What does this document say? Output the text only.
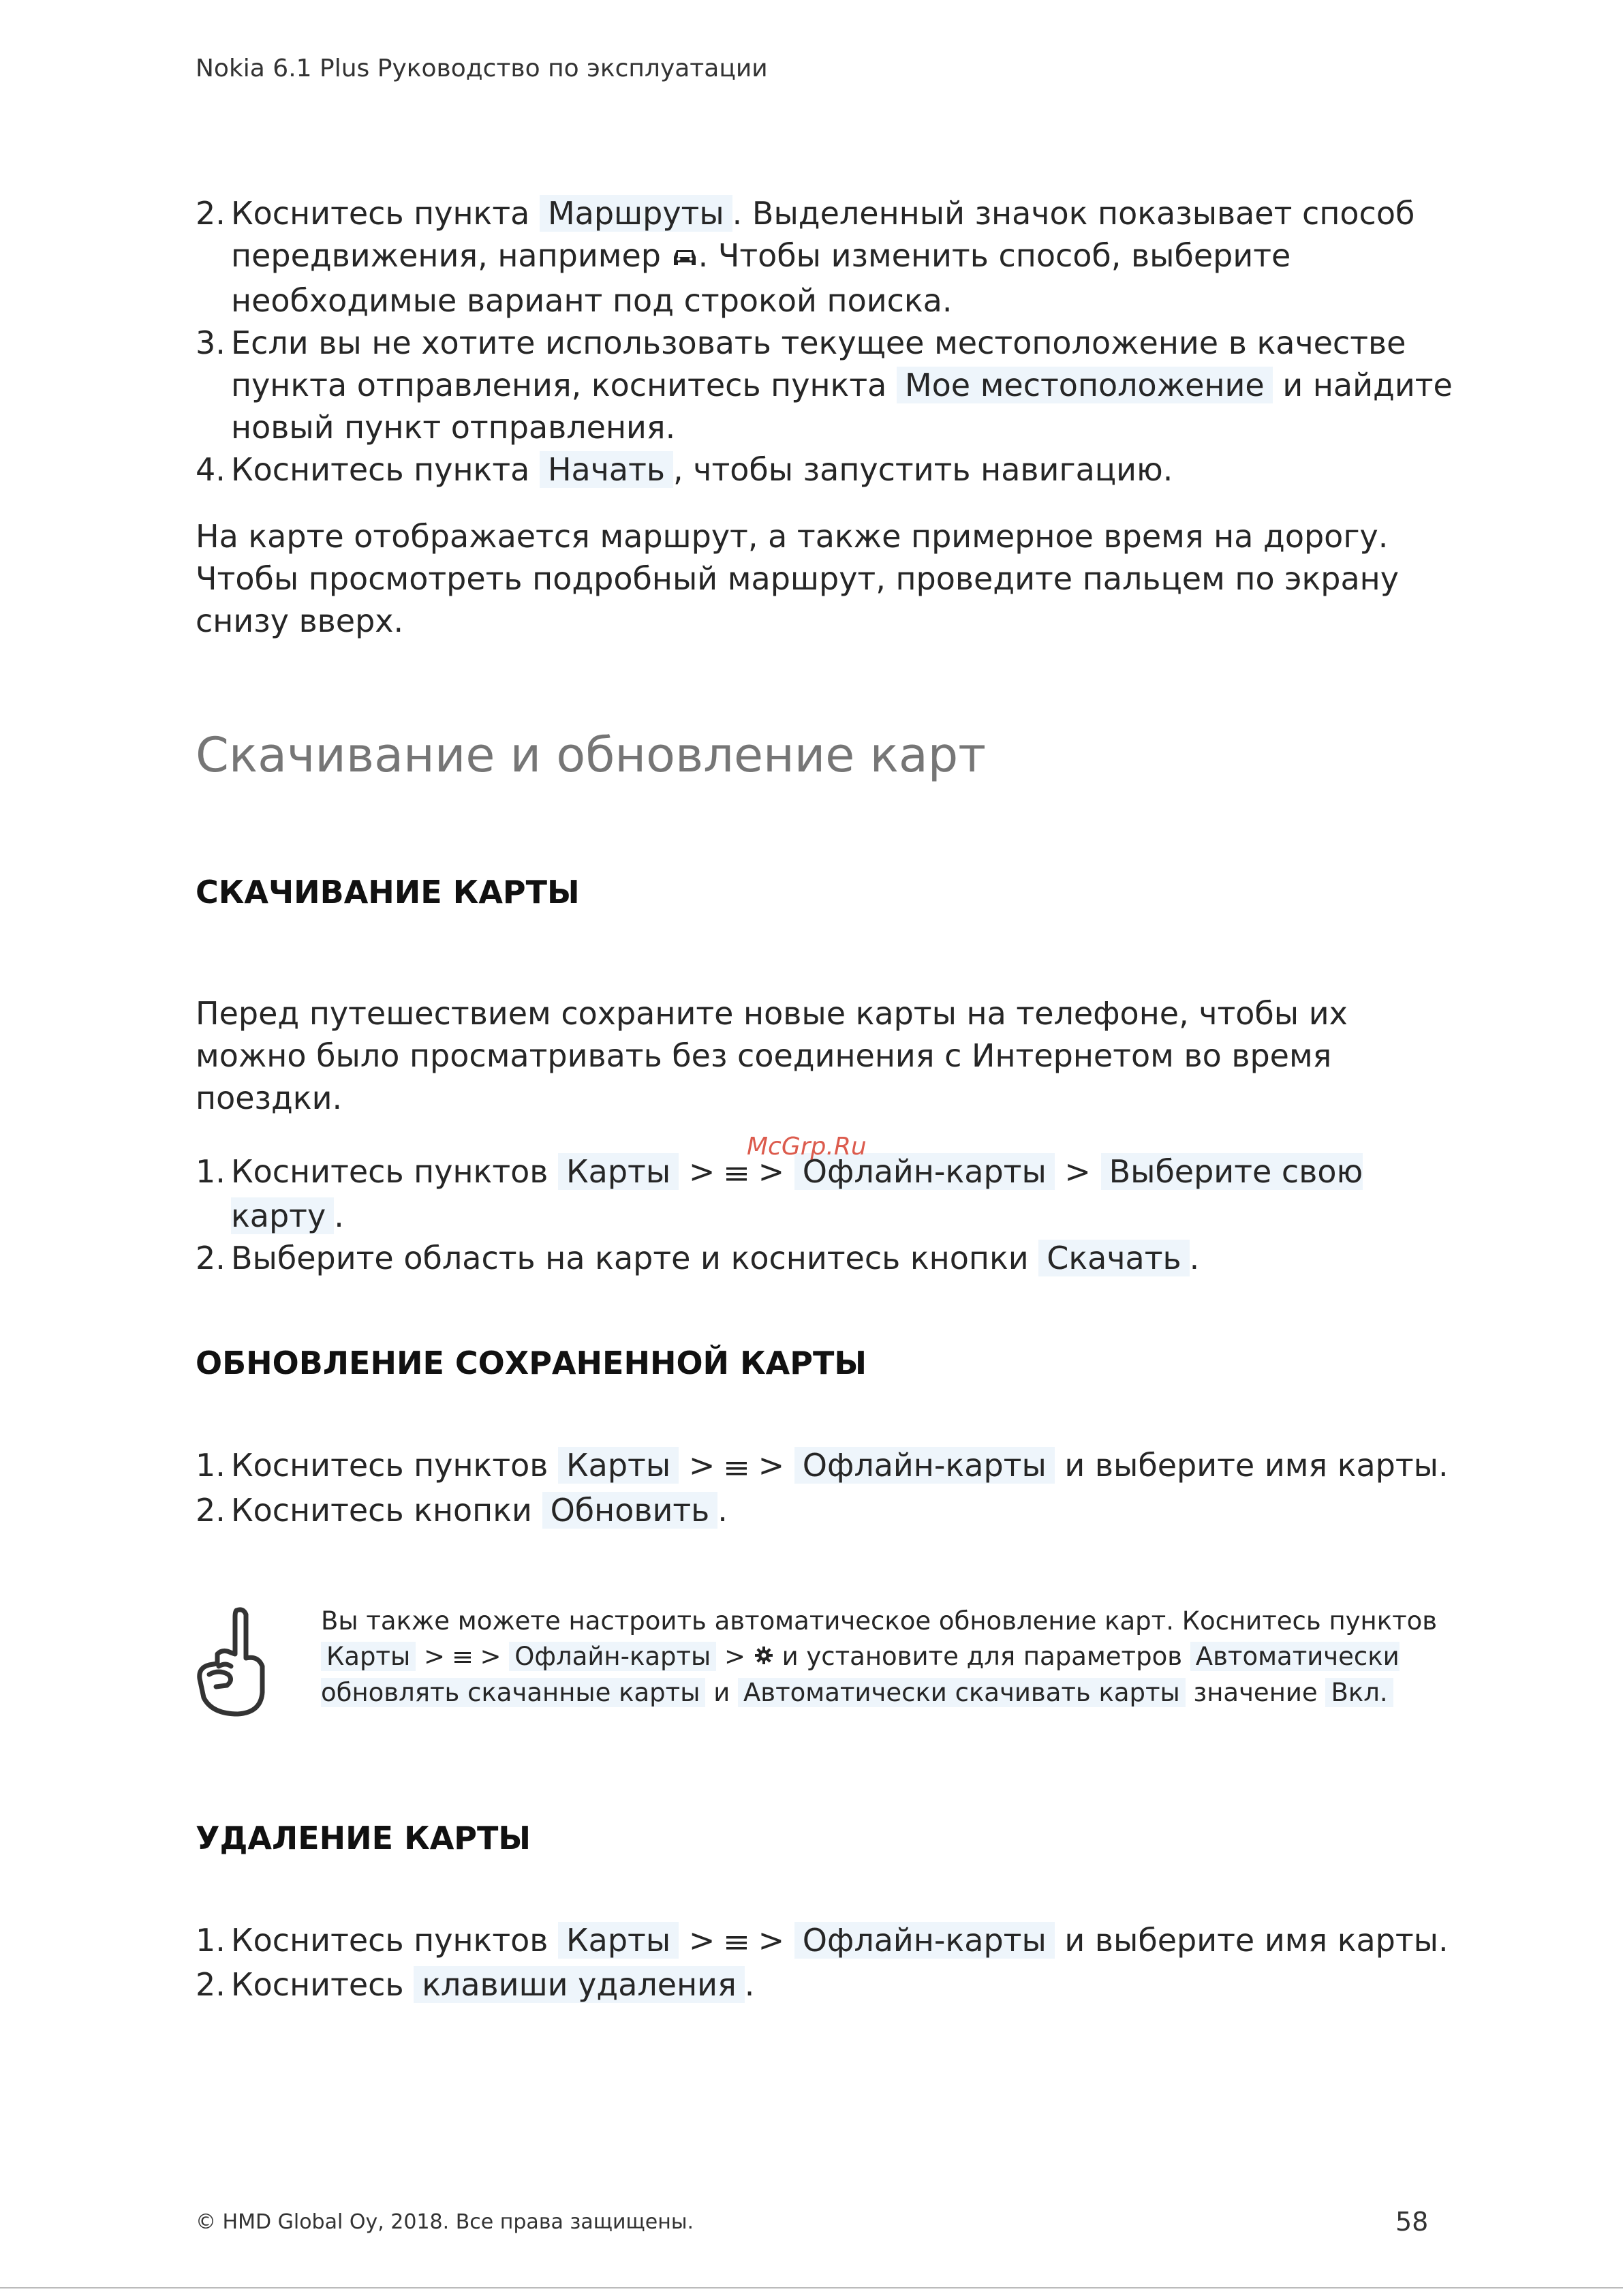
Nokia 6.1 Plus Руководство по эксплуатации
2. Коснитесь пункта Маршруты . Выделенный значок показывает способ передвижения, например . Чтобы изменить способ, выберите необходимые вариант под строкой поиска.
3. Если вы не хотите использовать текущее местоположение в качестве пункта отправления, коснитесь пункта Мое местоположение и найдите новый пункт отправления.
4. Коснитесь пункта Начать , чтобы запустить навигацию.
На карте отображается маршрут, а также примерное время на дорогу. Чтобы просмотреть подробный маршрут, проведите пальцем по экрану снизу вверх.
Скачивание и обновление карт
СКАЧИВАНИЕ КАРТЫ
Перед путешествием сохраните новые карты на телефоне, чтобы их можно было просматривать без соединения с Интернетом во время поездки.
1. Коснитесь пунктов Карты > > Офлайн-карты > Выберите свою карту .
2. Выберите область на карте и коснитесь кнопки Скачать .
ОБНОВЛЕНИЕ СОХРАНЕННОЙ КАРТЫ
1. Коснитесь пунктов Карты > > Офлайн-карты и выберите имя карты.
2. Коснитесь кнопки Обновить .
Вы также можете настроить автоматическое обновление карт. Коснитесь пунктов
Карты > > Офлайн-карты > и установите для параметров Автоматически обновлять скачанные карты и Автоматически скачивать карты значение Вкл.
УДАЛЕНИЕ КАРТЫ
1. Коснитесь пунктов Карты > > Офлайн-карты и выберите имя карты.
2. Коснитесь клавиши удаления .
McGrp.Ru
© HMD Global Oy, 2018. Все права защищены.	58
